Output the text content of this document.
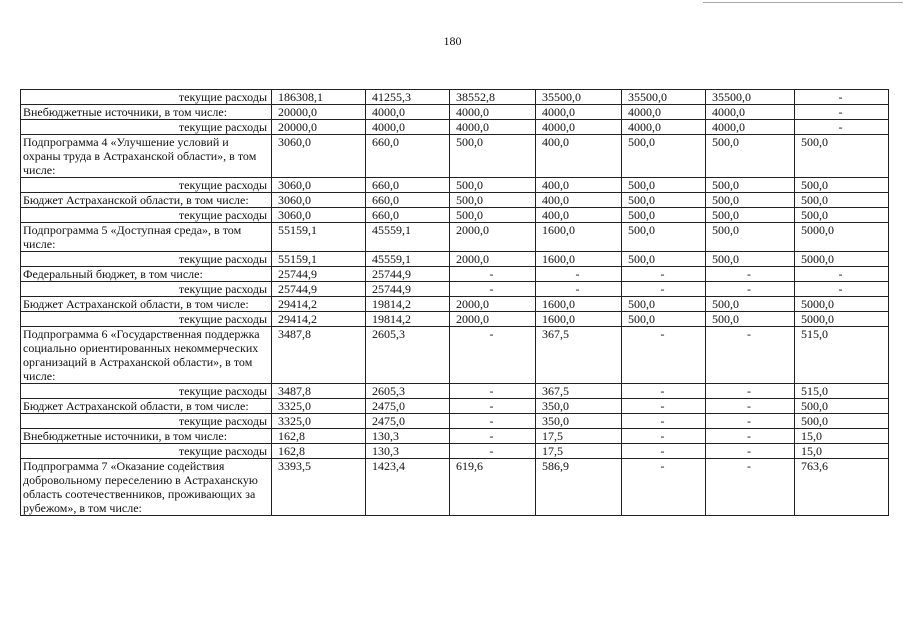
180
текущие расходы	186308,1	41255,3	38552,8	35500,0	35500,0	35500,0	-
Внебюджетные источники, в том числе:	20000,0	4000,0	4000,0	4000,0	4000,0	4000,0	-
текущие расходы	20000,0	4000,0	4000,0	4000,0	4000,0	4000,0	-
Подпрограмма 4 «Улучшение условий и охраны труда в Астраханской области», в том числе:	3060,0	660,0	500,0	400,0	500,0	500,0	500,0
текущие расходы	3060,0	660,0	500,0	400,0	500,0	500,0	500,0
Бюджет Астраханской области, в том числе:	3060,0	660,0	500,0	400,0	500,0	500,0	500,0
текущие расходы	3060,0	660,0	500,0	400,0	500,0	500,0	500,0
Подпрограмма 5 «Доступная среда», в том числе:	55159,1	45559,1	2000,0	1600,0	500,0	500,0	5000,0
текущие расходы	55159,1	45559,1	2000,0	1600,0	500,0	500,0	5000,0
Федеральный бюджет, в том числе:	25744,9	25744,9	-	-	-	-	-
текущие расходы	25744,9	25744,9	-	-	-	-	-
Бюджет Астраханской области, в том числе:	29414,2	19814,2	2000,0	1600,0	500,0	500,0	5000,0
текущие расходы	29414,2	19814,2	2000,0	1600,0	500,0	500,0	5000,0
Подпрограмма 6 «Государственная поддержка социально ориентированных некоммерческих организаций в Астраханской области», в том числе:	3487,8	2605,3	-	367,5	-	-	515,0
текущие расходы	3487,8	2605,3	-	367,5	-	-	515,0
Бюджет Астраханской области, в том числе:	3325,0	2475,0	-	350,0	-	-	500,0
текущие расходы	3325,0	2475,0	-	350,0	-	-	500,0
Внебюджетные источники, в том числе:	162,8	130,3	-	17,5	-	-	15,0
текущие расходы	162,8	130,3	-	17,5	-	-	15,0
Подпрограмма 7 «Оказание содействия добровольному переселению в Астраханскую область соотечественников, проживающих за рубежом», в том числе:	3393,5	1423,4	619,6	586,9	-	-	763,6
